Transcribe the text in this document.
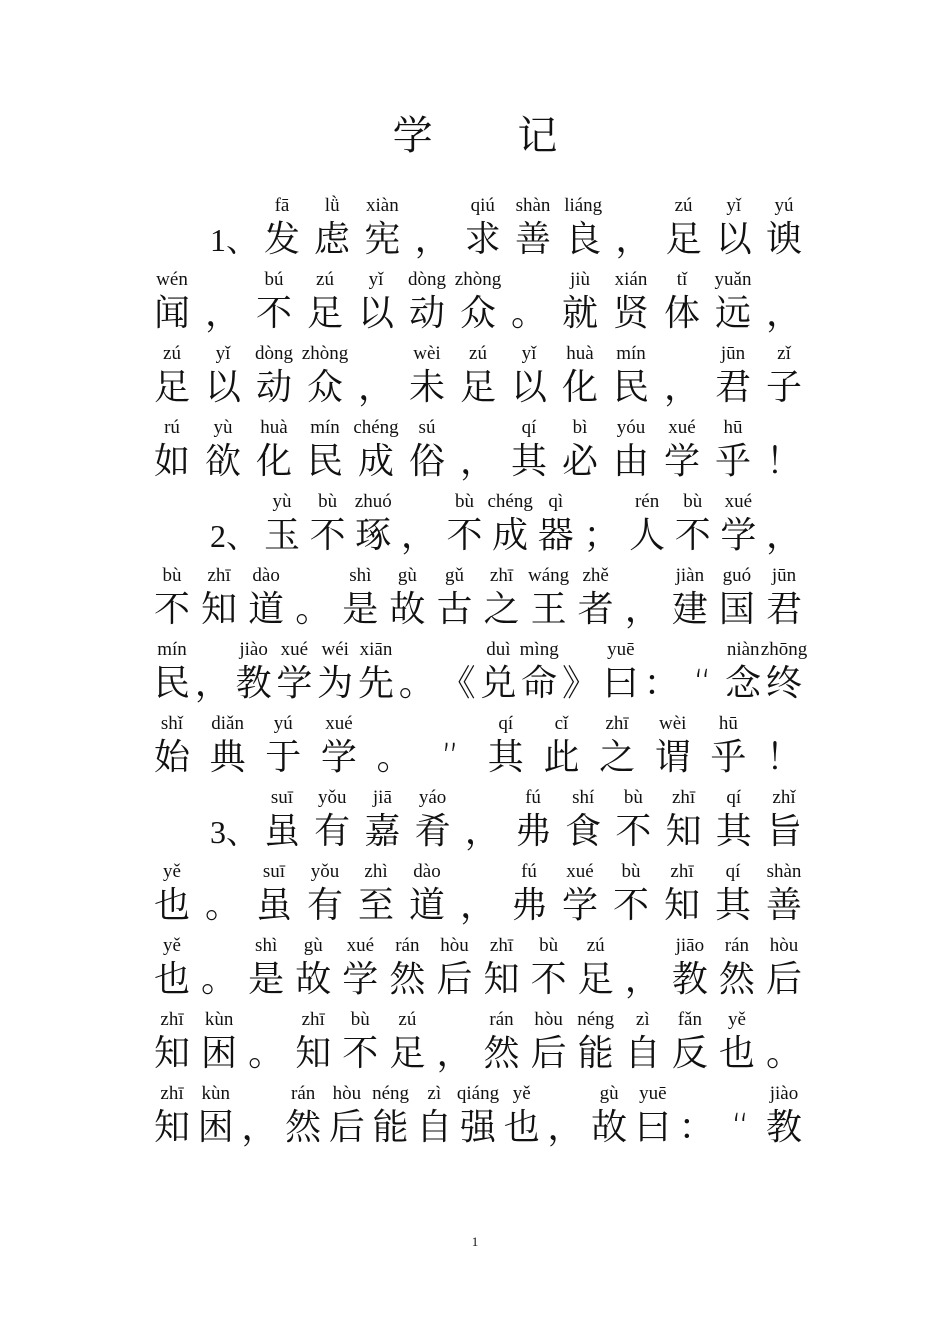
学 记
1、
fā
发
lǜ
虑
xiàn
宪 ，
qiú
求
shàn
善
liáng
良 ，
zú
足
yǐ
以
yú
谀
wén
闻 ，
bú
不
zú
足
yǐ
以
dòng
动
zhòng
众 。
jiù
就
xián
贤
tǐ
体
yuǎn
远 ，
zú
足
yǐ
以
dòng
动
zhòng
众 ，
wèi
未
zú
足
yǐ
以
huà
化
mín
民 ，
jūn
君
zǐ
子
rú
如
yù
欲
huà
化
mín
民
chéng
成
sú
俗 ，
qí
其
bì
必
yóu
由
xué
学
hū
乎 ！
2、
yù
玉
bù
不
zhuó
琢 ，
bù
不
chéng
成
qì
器 ；
rén
人
bù
不
xué
学 ，
bù
不
zhī
知
dào
道 。
shì
是
gù
故
gǔ
古
zhī
之
wáng
王
zhě
者 ，
jiàn
建
guó
国
jūn
君
mín
民 ，
jiào
教
xué
学
wéi
为
xiān
先 。 《
duì
兑
mìng
命 》
yuē
曰 ： “
niàn
念
zhōng
终
shǐ
始
diǎn
典
yú
于
xué
学 。 ”
qí
其
cǐ
此
zhī
之
wèi
谓
hū
乎 ！
3、
suī
虽
yǒu
有
jiā
嘉
yáo
肴 ，
fú
弗
shí
食
bù
不
zhī
知
qí
其
zhǐ
旨
yě
也 。
suī
虽
yǒu
有
zhì
至
dào
道 ，
fú
弗
xué
学
bù
不
zhī
知
qí
其
shàn
善
yě
也 。
shì
是
gù
故
xué
学
rán
然
hòu
后
zhī
知
bù
不
zú
足 ，
jiāo
教
rán
然
hòu
后
zhī
知
kùn
困 。
zhī
知
bù
不
zú
足 ，
rán
然
hòu
后
néng
能
zì
自
fǎn
反
yě
也 。
zhī
知
kùn
困 ，
rán
然
hòu
后
néng
能
zì
自
qiáng
强
yě
也 ，
gù
故
yuē
曰 ： “
jiào
教
1
